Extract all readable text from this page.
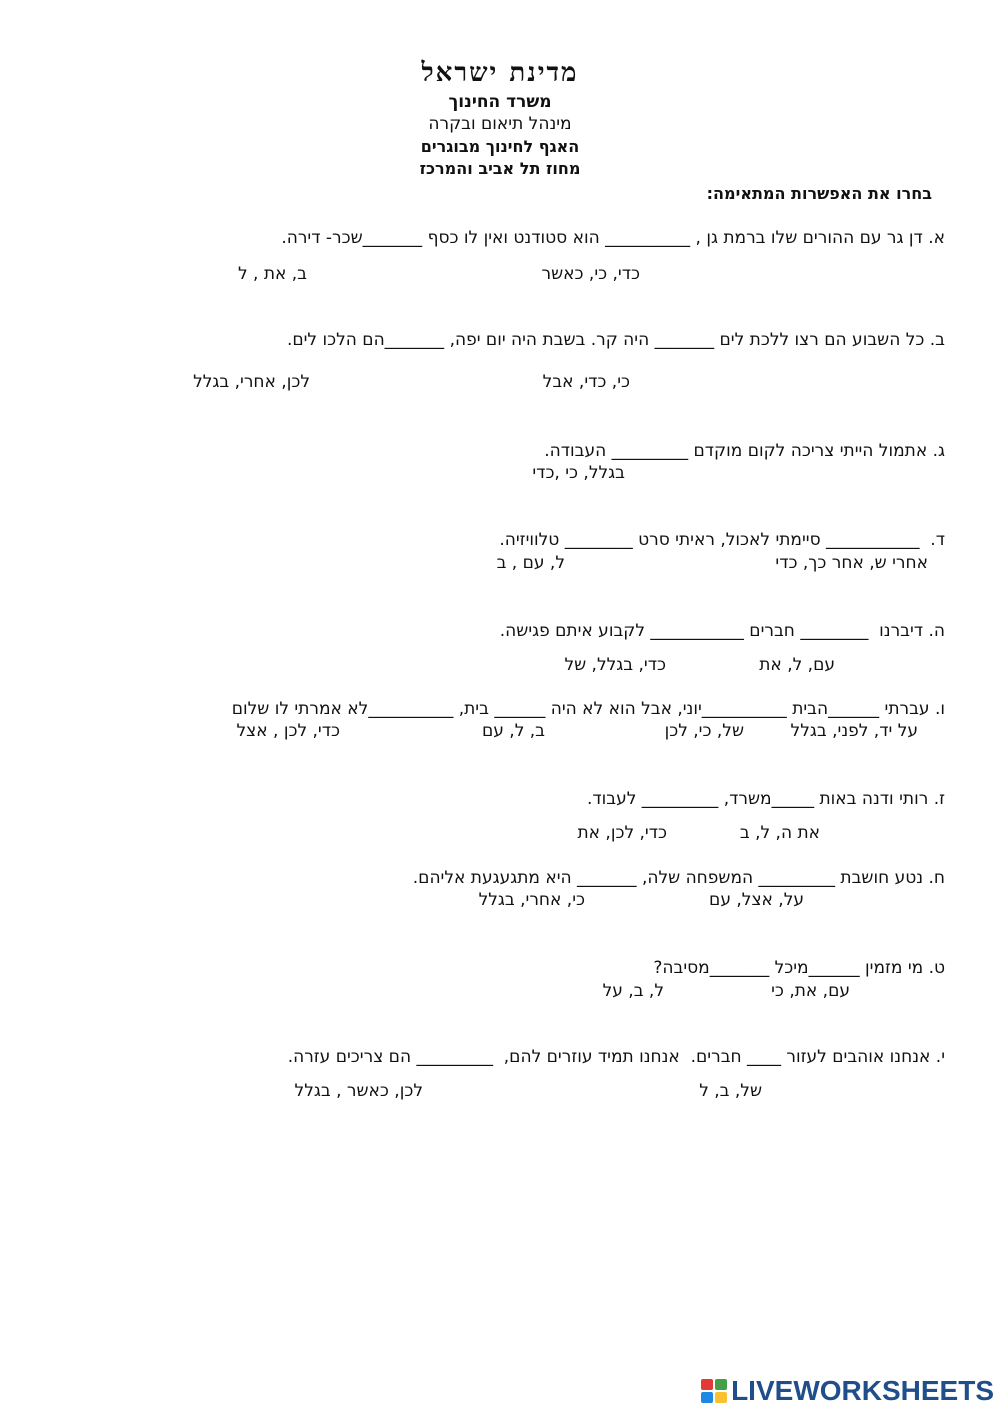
מדינת ישראל
משרד החינוך
מינהל תיאום ובקרה
האגף לחינוך מבוגרים
מחוז תל אביב והמרכז
בחרו את האפשרות המתאימה:
א. דן גר עם ההורים שלו ברמת גן , __________ הוא סטודנט ואין לו כסף _______שכר- דירה.
ב, את , ל	כדי, כי, כאשר
ב. כל השבוע הם רצו ללכת לים _______ היה קר. בשבת היה יום יפה, _______הם הלכו לים.
לכן, אחרי, בגלל	כי, כדי, אבל
ג. אתמול הייתי צריכה לקום מוקדם _________ העבודה.
בגלל, כי ,כדי
ד.  ___________ סיימתי לאכול, ראיתי סרט ________ טלוויזיה.
אחרי ש, אחר כך, כדי
ל, עם , ב
ה. דיברנו  ________ חברים ___________ לקבוע איתם פגישה.
עם, ל, את
כדי, בגלל, של
ו. עברתי ______הבית __________יוני, אבל הוא לא היה ______ בית, __________לא אמרתי לו שלום
על יד, לפני, בגלל
של, כי, לכן
ב, ל, עם
כדי, לכן , אצל
ז. רותי ודנה באות _____משרד, _________ לעבוד.
את ה, ל, ב
כדי, לכן, את
ח. נטע חושבת _________ המשפחה שלה, _______ היא מתגעגעת אליהם.
על, אצל, עם
כי, אחרי, בגלל
ט. מי מזמין ______מיכל _______מסיבה?
עם, את, כי
ל, ב, על
י. אנחנו אוהבים לעזור ____ חברים.  אנחנו תמיד עוזרים להם,  _________ הם צריכים עזרה.
של, ב, ל
לכן, כאשר , בגלל
LIVEWORKSHEETS
